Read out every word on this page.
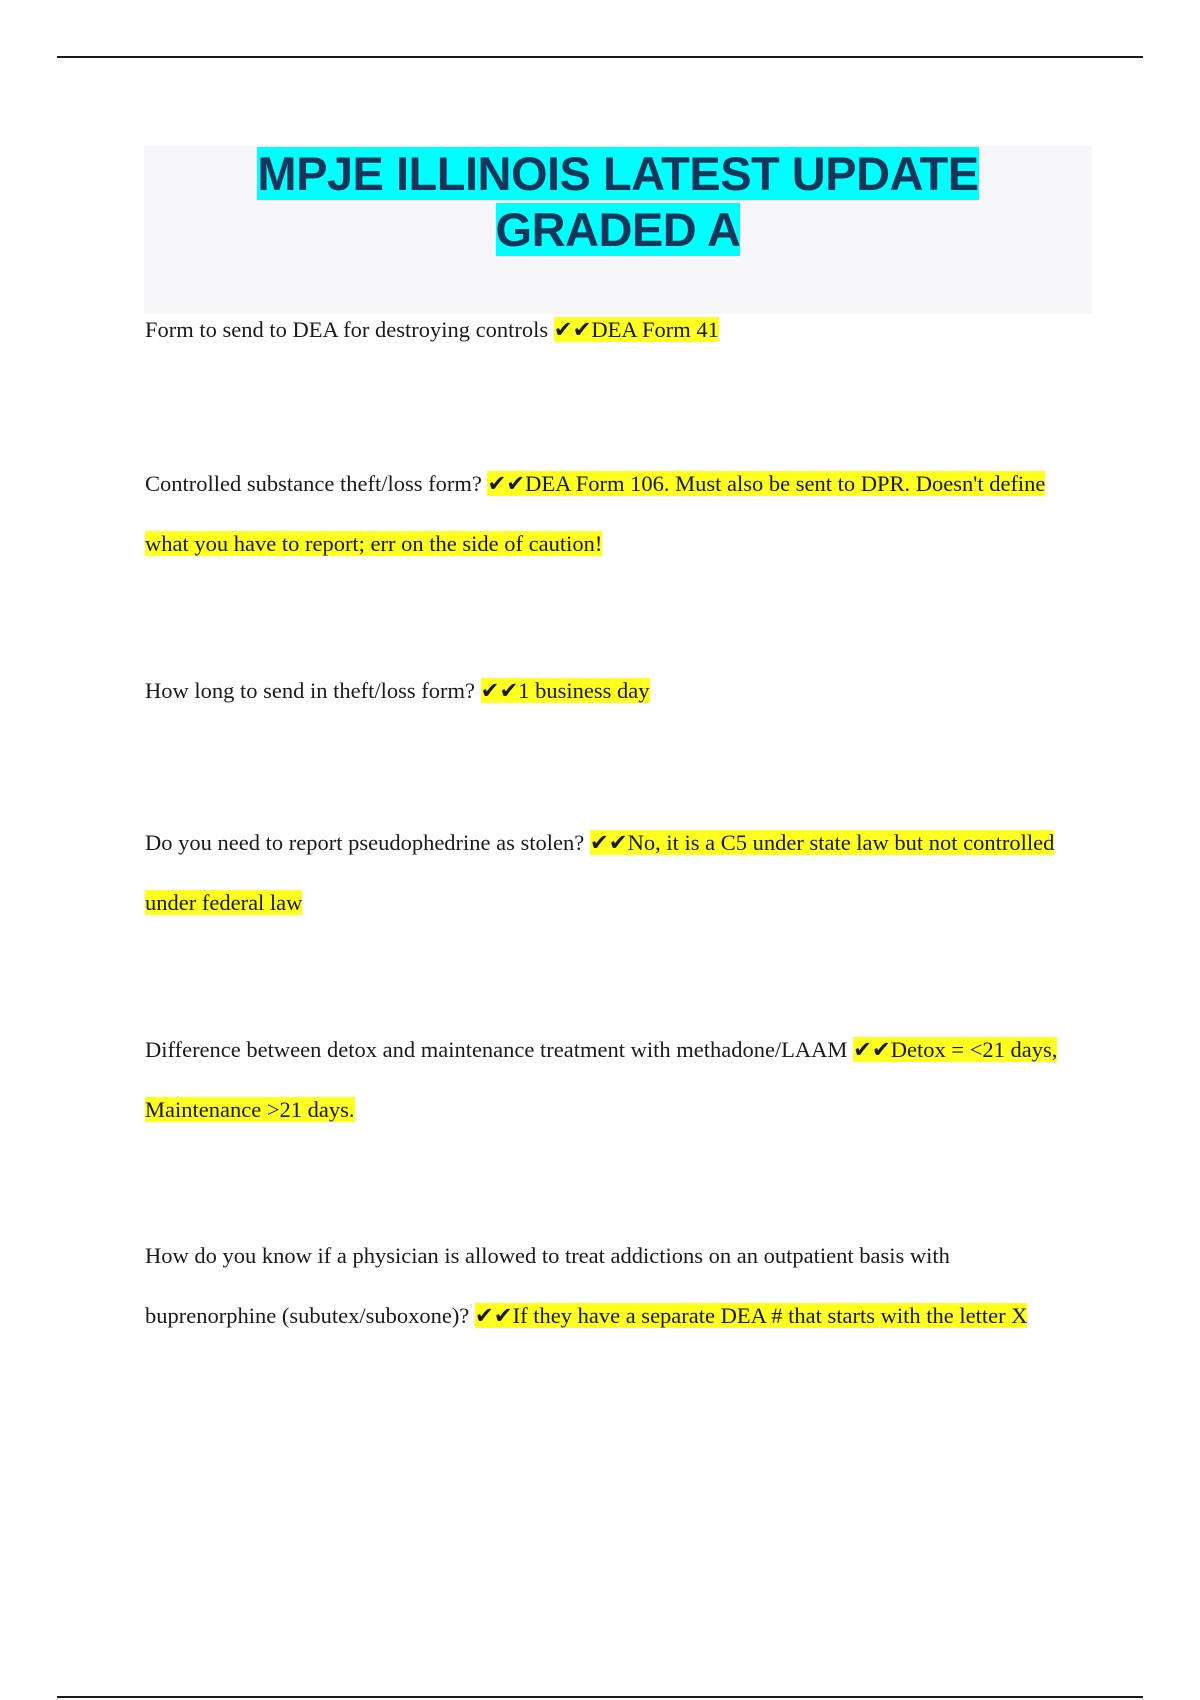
MPJE ILLINOIS LATEST UPDATE GRADED A

Form to send to DEA for destroying controls ✔✔DEA Form 41

Controlled substance theft/loss form? ✔✔DEA Form 106. Must also be sent to DPR. Doesn't define what you have to report; err on the side of caution!

How long to send in theft/loss form? ✔✔1 business day

Do you need to report pseudophedrine as stolen? ✔✔No, it is a C5 under state law but not controlled under federal law

Difference between detox and maintenance treatment with methadone/LAAM ✔✔Detox = <21 days, Maintenance >21 days.

How do you know if a physician is allowed to treat addictions on an outpatient basis with buprenorphine (subutex/suboxone)? ✔✔If they have a separate DEA # that starts with the letter X
